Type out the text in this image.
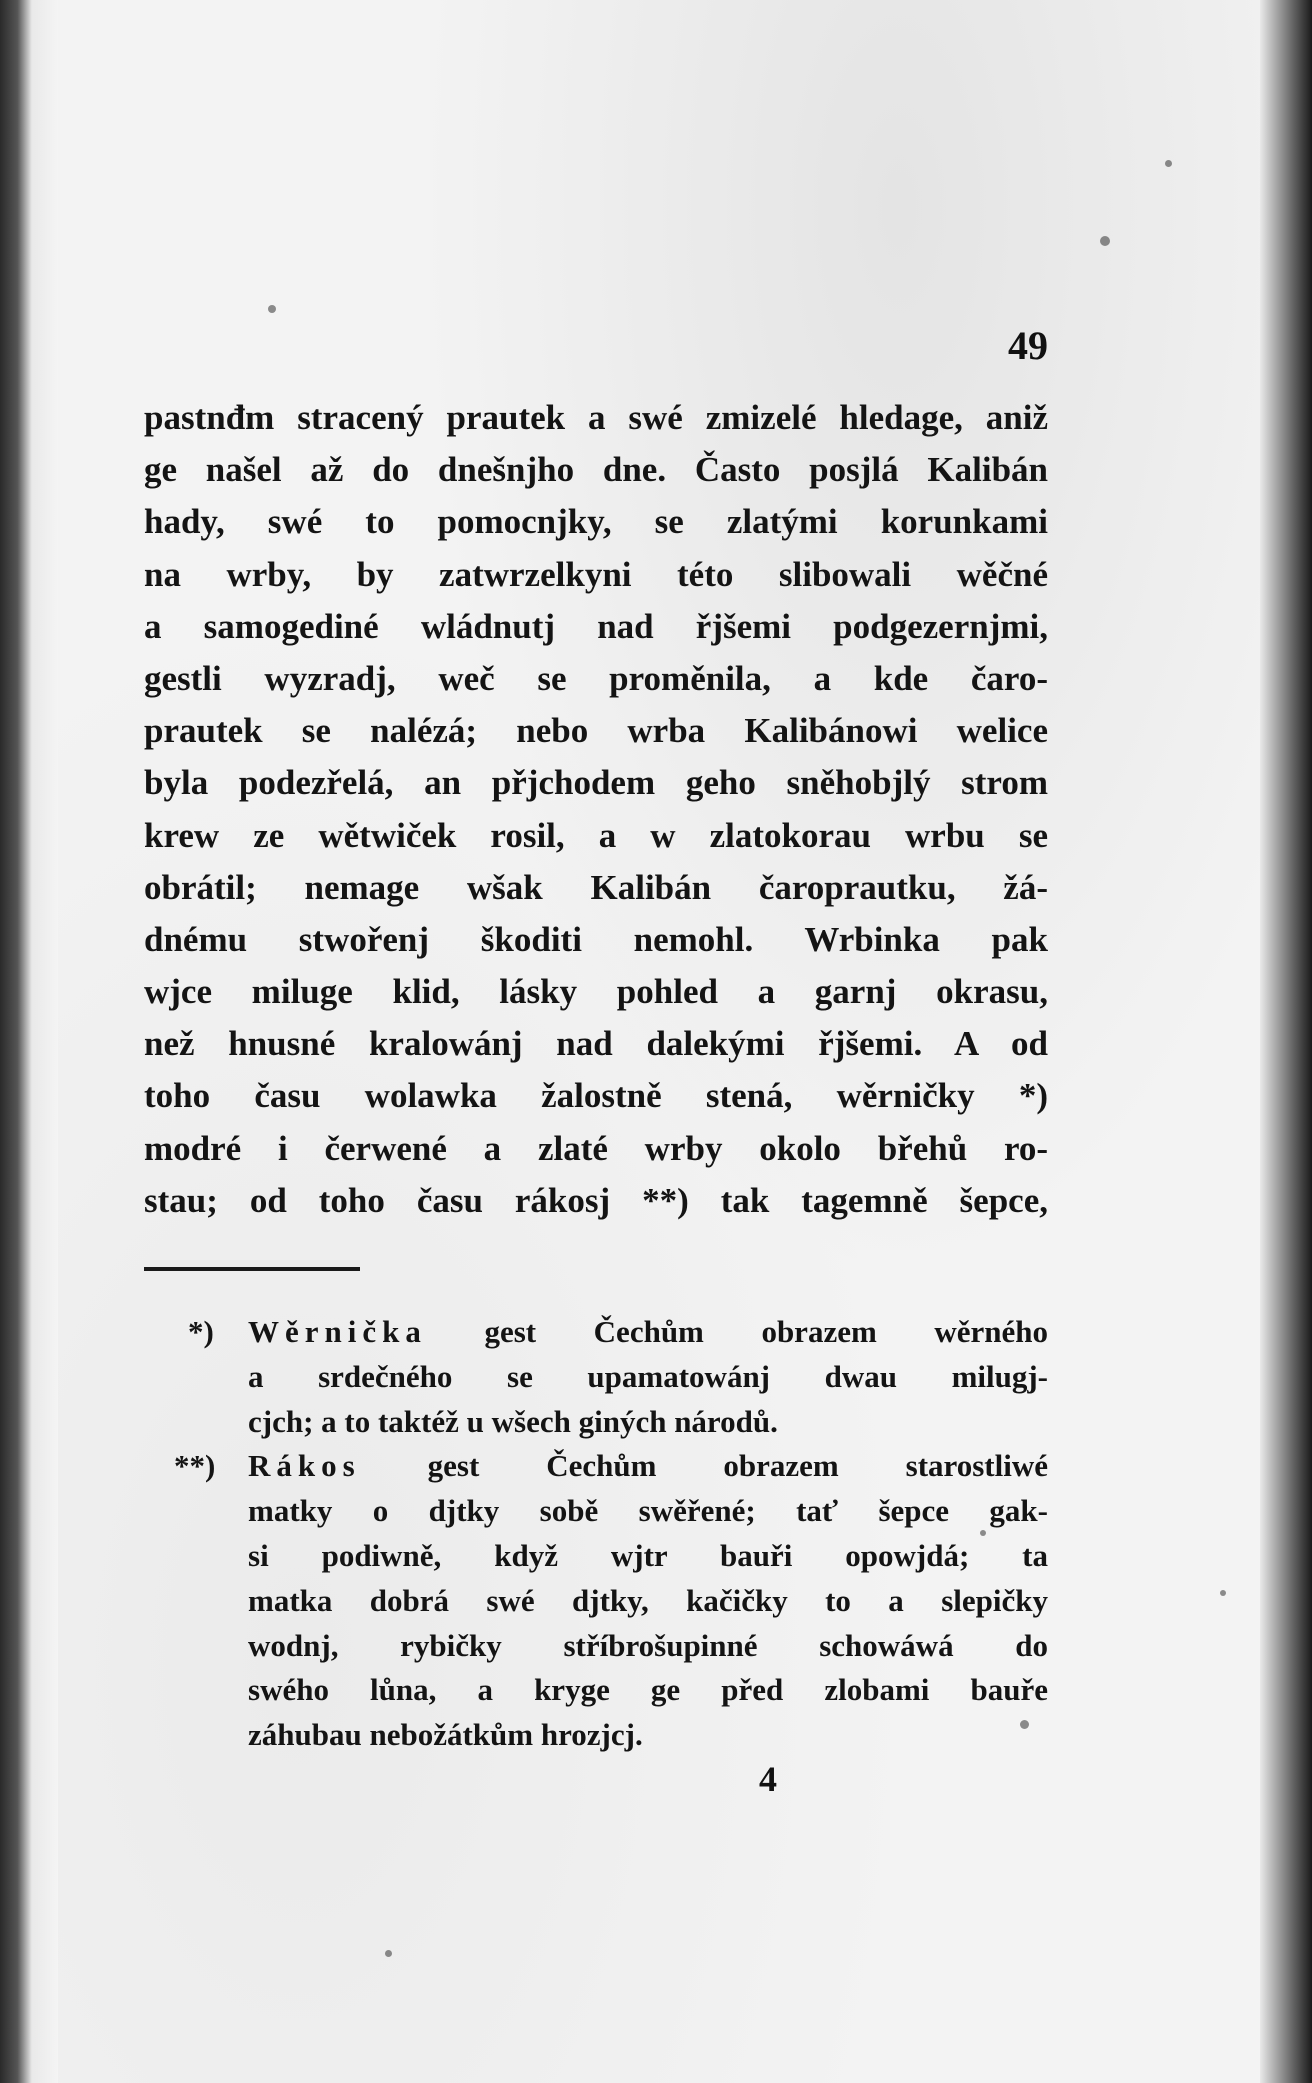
49
pastnđm stracený prautek a swé zmizelé hledage, aniž
ge našel až do dnešnjho dne. Často posjlá Kalibán
hady, swé to pomocnjky, se zlatými korunkami
na wrby, by zatwrzelkyni této slibowali wěčné
a samogediné wládnutj nad řjšemi podgezernjmi,
gestli wyzradj, weč se proměnila, a kde čaro-
prautek se nalézá; nebo wrba Kalibánowi welice
byla podezřelá, an přjchodem geho sněhobjlý strom
krew ze wětwiček rosil, a w zlatokorau wrbu se
obrátil; nemage wšak Kalibán čaroprautku, žá-
dnému stwořenj škoditi nemohl. Wrbinka pak
wjce miluge klid, lásky pohled a garnj okrasu,
než hnusné kralowánj nad dalekými řjšemi. A od
toho času wolawka žalostně stená, wěrničky *)
modré i čerwené a zlaté wrby okolo břehů ro-
stau; od toho času rákosj **) tak tagemně šepce,
*)	Wěrnička gest Čechům obrazem wěrného
a srdečného se upamatowánj dwau milugj-
cjch; a to taktéž u wšech giných národů.
**)	Rákos gest Čechům obrazem starostliwé
matky o djtky sobě swěřené; tať šepce gak-
si podiwně, když wjtr bauři opowjdá; ta
matka dobrá swé djtky, kačičky to a slepičky
wodnj, rybičky stříbrošupinné schowáwá do
swého lůna, a kryge ge před zlobami bauře
záhubau nebožátkům hrozjcj.
4
